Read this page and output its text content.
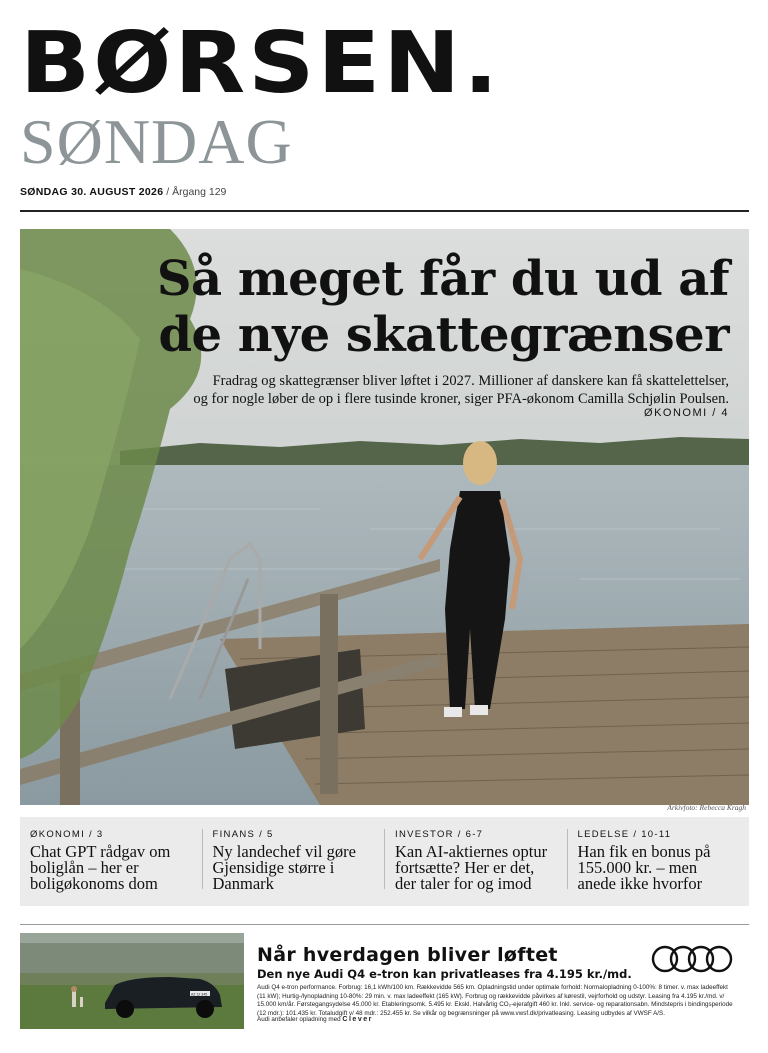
BØRSEN.
SØNDAG
SØNDAG 30. AUGUST 2026 / Årgang 129
Så meget får du ud af
de nye skattegrænser
Fradrag og skattegrænser bliver løftet i 2027. Millioner af danskere kan få skattelettelser,
og for nogle løber de op i flere tusinde kroner, siger PFA-økonom Camilla Schjølin Poulsen.
ØKONOMI / 4
Arkivfoto: Rebecca Kragh
ØKONOMI / 3
Chat GPT rådgav om boliglån – her er boligøkonoms dom
FINANS / 5
Ny landechef vil gøre Gjensidige større i Danmark
INVESTOR / 6-7
Kan AI-aktiernes optur fortsætte? Her er det, der taler for og imod
LEDELSE / 10-11
Han fik en bonus på 155.000 kr. – men anede ikke hvorfor
AZ 12 345
Når hverdagen bliver løftet
Den nye Audi Q4 e-tron kan privatleases fra 4.195 kr./md.
Audi Q4 e-tron performance. Forbrug: 16,1 kWh/100 km. Rækkevidde 565 km. Opladningstid under optimale forhold: Normalopladning 0-100%: 8 timer. v. max ladeeffekt (11 kW); Hurtig-/lynopladning 10-80%: 29 min. v. max ladeeffekt (165 kW). Forbrug og rækkevidde påvirkes af kørestil, vejrforhold og udstyr. Leasing fra 4.195 kr./md. v/ 15.000 km/år. Førstegangsydelse 45.000 kr. Etableringsomk. 5.495 kr. Ekskl. Halvårlig CO₂-ejerafgift 460 kr. Inkl. service- og reparationsabn. Mindstepris i bindingsperiode (12 mdr.): 101.435 kr. Totaludgift v/ 48 mdr.: 252.455 kr. Se vilkår og begrænsninger på www.vwsf.dk/privatleasing. Leasing udbydes af VWSF A/S.
Audi anbefaler opladning med Clever
